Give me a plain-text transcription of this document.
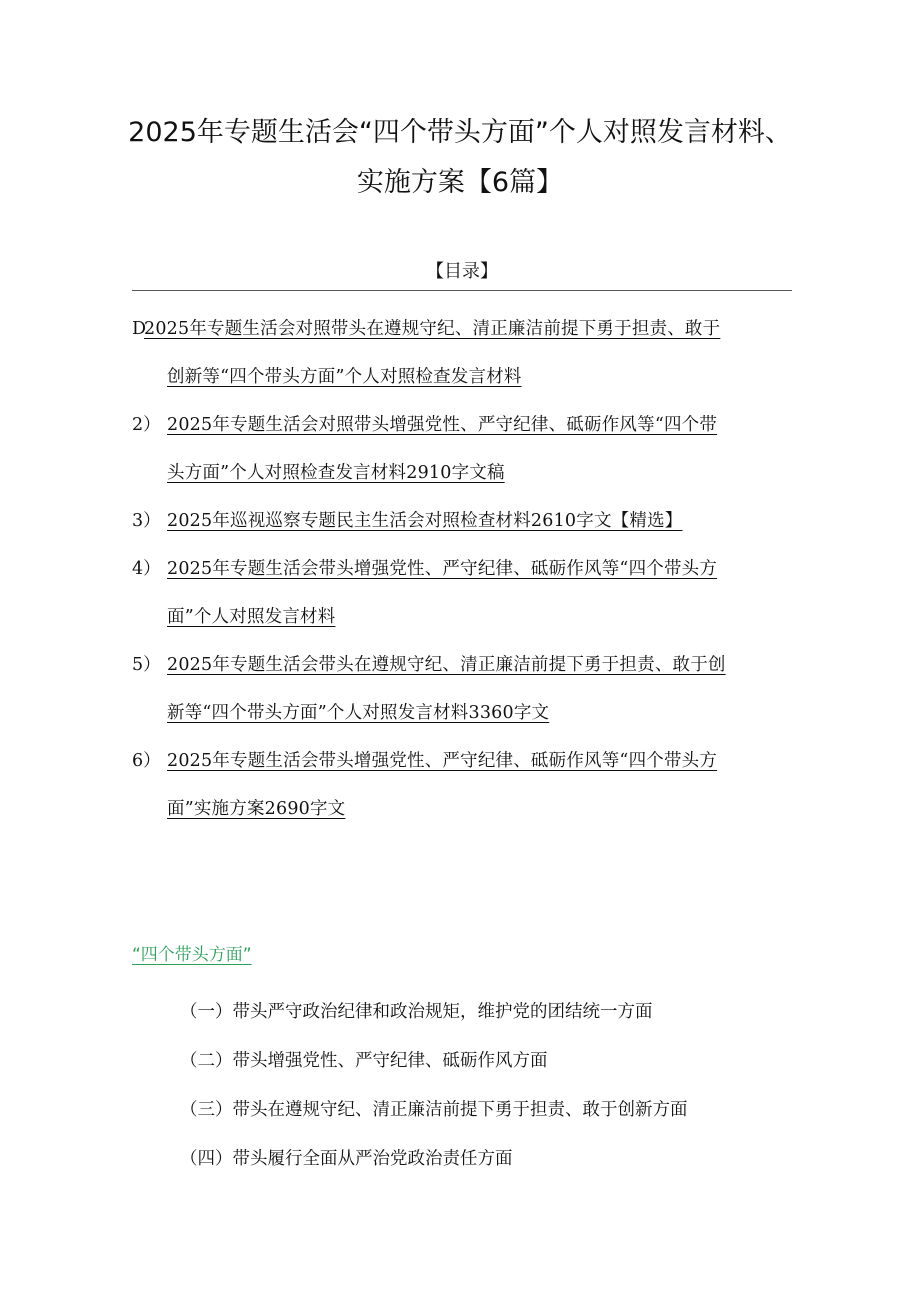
2025年专题生活会“四个带头方面”个人对照发言材料、实施方案【6篇】
【目录】
D
2025年专题生活会对照带头在遵规守纪、清正廉洁前提下勇于担责、敢于
创新等“四个带头方面”个人对照检查发言材料
2） 2025年专题生活会对照带头增强党性、严守纪律、砥砺作风等“四个带
头方面”个人对照检查发言材料2910字文稿
3） 2025年巡视巡察专题民主生活会对照检查材料2610字文【精选】
4） 2025年专题生活会带头增强党性、严守纪律、砥砺作风等“四个带头方
面”个人对照发言材料
5） 2025年专题生活会带头在遵规守纪、清正廉洁前提下勇于担责、敢于创
新等“四个带头方面”个人对照发言材料3360字文
6） 2025年专题生活会带头增强党性、严守纪律、砥砺作风等“四个带头方
面”实施方案2690字文
“四个带头方面”
（一）带头严守政治纪律和政治规矩，维护党的团结统一方面
（二）带头增强党性、严守纪律、砥砺作风方面
（三）带头在遵规守纪、清正廉洁前提下勇于担责、敢于创新方面
（四）带头履行全面从严治党政治责任方面
